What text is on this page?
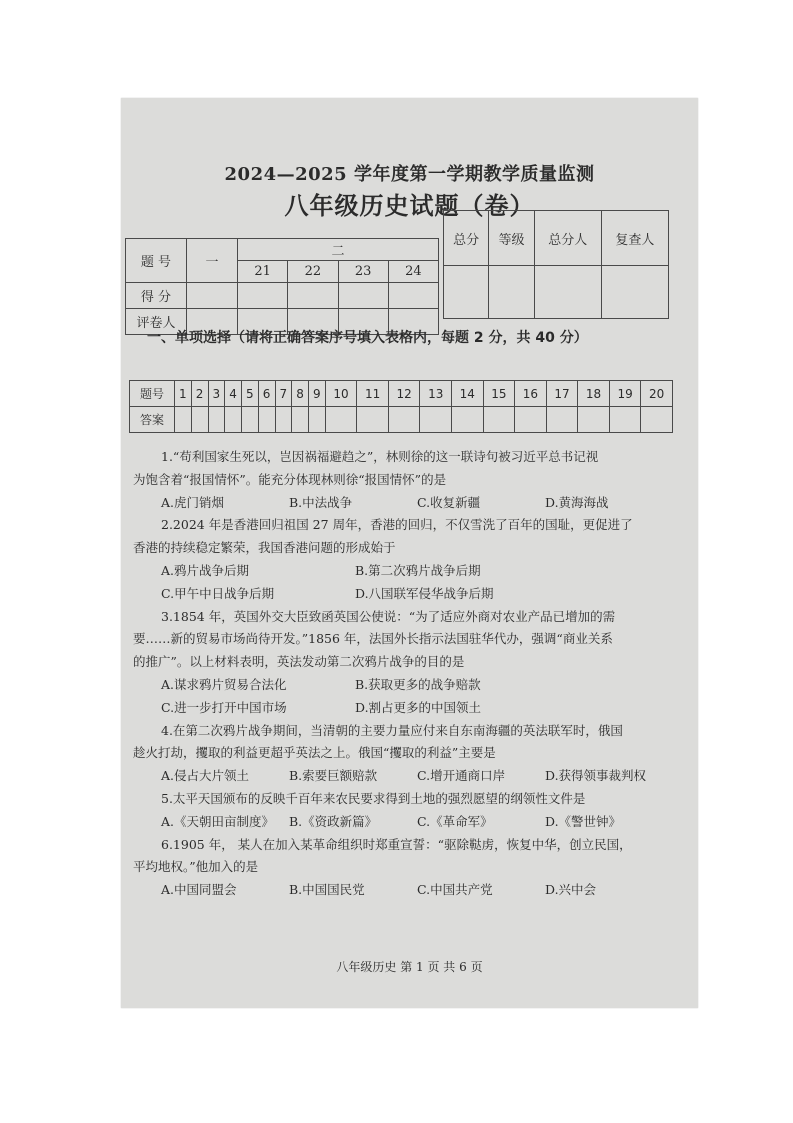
2024—2025 学年度第一学期教学质量监测
八年级历史试题（卷）
题 号	一	二			
		21	22	23	24
得 分					
评卷人					
总分	等级	总分人	复查人

一、单项选择（请将正确答案序号填入表格内，每题 2 分，共 40 分）
题号	1	2	3	4	5	6	7	8	9	10	11	12	13	14	15	16	17	18	19	20
答案																				

1.“苟利国家生死以，岂因祸福避趋之”，林则徐的这一联诗句被习近平总书记视

为饱含着“报国情怀”。能充分体现林则徐“报国情怀”的是

A.虎门销烟	B.中法战争	C.收复新疆	D.黄海海战

2.2024 年是香港回归祖国 27 周年，香港的回归，不仅雪洗了百年的国耻，更促进了

香港的持续稳定繁荣，我国香港问题的形成始于

A.鸦片战争后期	B.第二次鸦片战争后期
C.甲午中日战争后期	D.八国联军侵华战争后期

3.1854 年，英国外交大臣致函英国公使说：“为了适应外商对农业产品已增加的需

要……新的贸易市场尚待开发。”1856 年，法国外长指示法国驻华代办，强调“商业关系

的推广”。以上材料表明，英法发动第二次鸦片战争的目的是

A.谋求鸦片贸易合法化	B.获取更多的战争赔款
C.进一步打开中国市场	D.割占更多的中国领土

4.在第二次鸦片战争期间，当清朝的主要力量应付来自东南海疆的英法联军时，俄国

趁火打劫，攫取的利益更超乎英法之上。俄国“攫取的利益”主要是

A.侵占大片领土	B.索要巨额赔款	C.增开通商口岸	D.获得领事裁判权

5.太平天国颁布的反映千百年来农民要求得到土地的强烈愿望的纲领性文件是

A.《天朝田亩制度》	B.《资政新篇》	C.《革命军》	D.《警世钟》

6.1905 年， 某人在加入某革命组织时郑重宣誓：“驱除鞑虏，恢复中华，创立民国，

平均地权。”他加入的是

A.中国同盟会	B.中国国民党	C.中国共产党	D.兴中会
八年级历史 第 1 页 共 6 页
